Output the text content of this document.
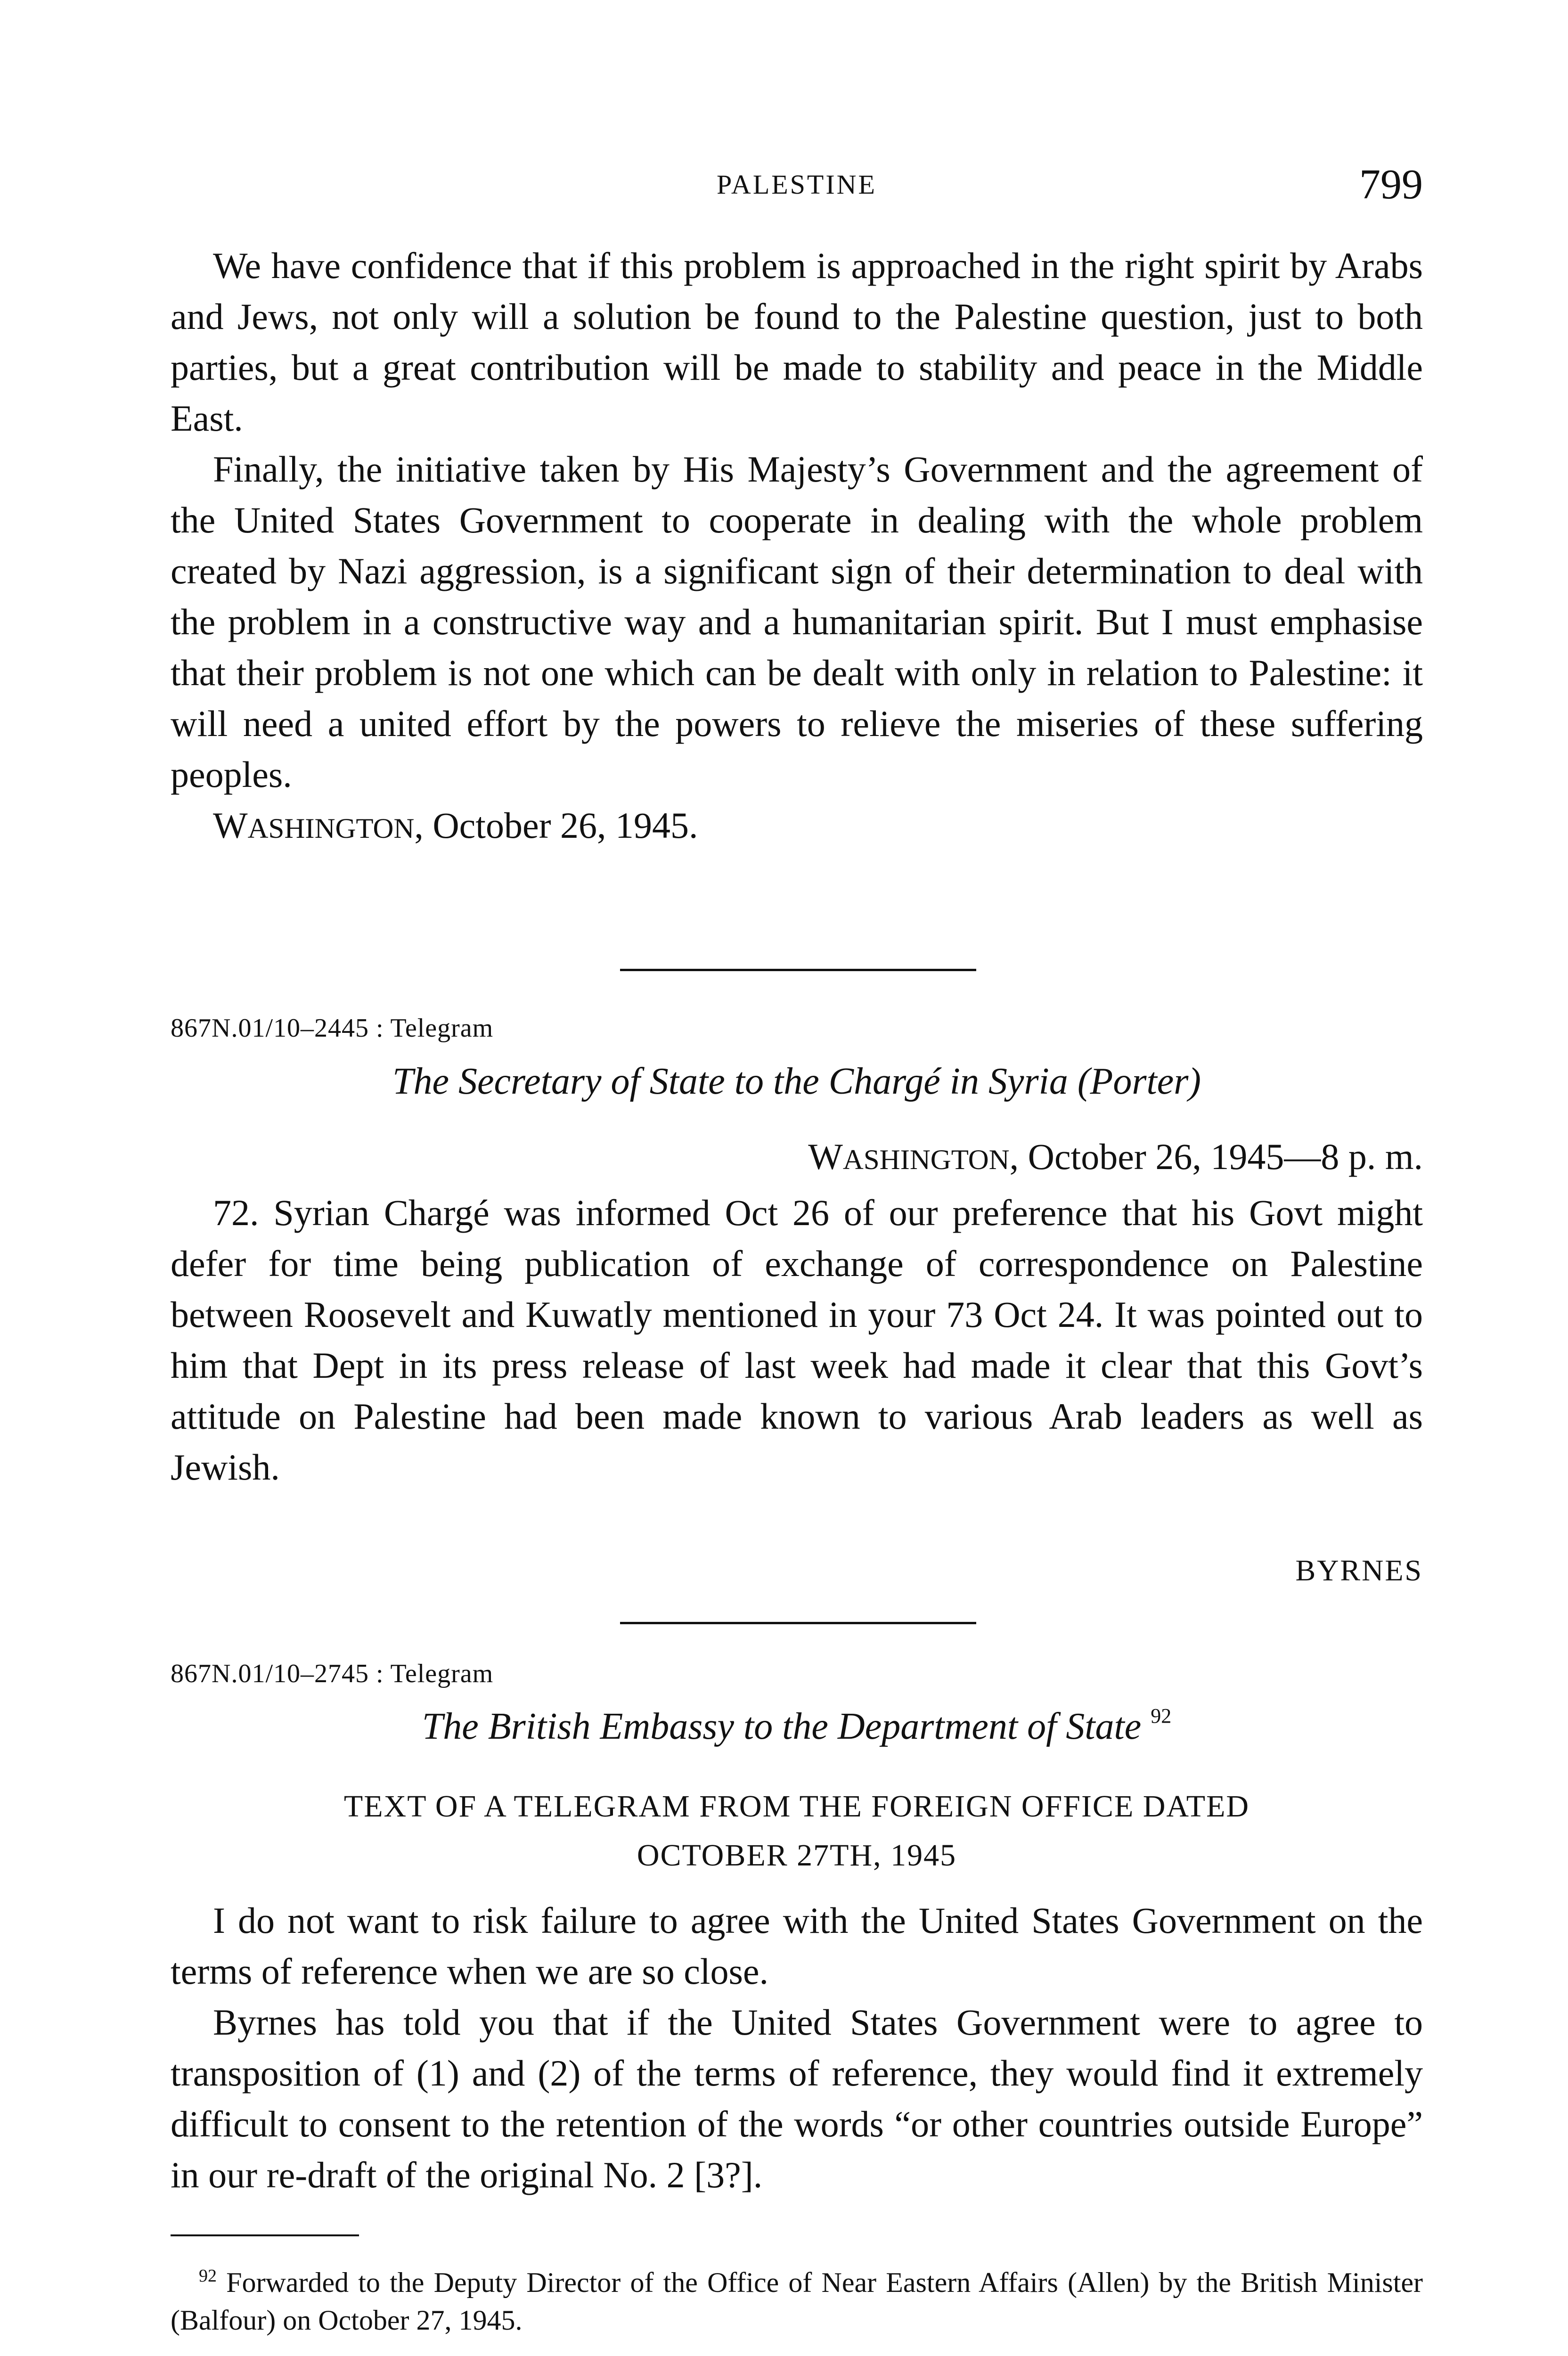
PALESTINE	799

We have confidence that if this problem is approached in the right spirit by Arabs and Jews, not only will a solution be found to the Palestine question, just to both parties, but a great contribution will be made to stability and peace in the Middle East.

Finally, the initiative taken by His Majesty’s Government and the agreement of the United States Government to cooperate in dealing with the whole problem created by Nazi aggression, is a significant sign of their determination to deal with the problem in a constructive way and a humanitarian spirit. But I must emphasise that their problem is not one which can be dealt with only in relation to Palestine: it will need a united effort by the powers to relieve the miseries of these suffering peoples.

WASHINGTON, October 26, 1945.

867N.01/10–2445 : Telegram
The Secretary of State to the Chargé in Syria (Porter)
WASHINGTON, October 26, 1945—8 p. m.

72. Syrian Chargé was informed Oct 26 of our preference that his Govt might defer for time being publication of exchange of correspondence on Palestine between Roosevelt and Kuwatly mentioned in your 73 Oct 24. It was pointed out to him that Dept in its press release of last week had made it clear that this Govt’s attitude on Palestine had been made known to various Arab leaders as well as Jewish.

BYRNES
867N.01/10–2745 : Telegram
The British Embassy to the Department of State $^{92}$
TEXT OF A TELEGRAM FROM THE FOREIGN OFFICE DATED
OCTOBER 27TH, 1945

I do not want to risk failure to agree with the United States Government on the terms of reference when we are so close.

Byrnes has told you that if the United States Government were to agree to transposition of (1) and (2) of the terms of reference, they would find it extremely difficult to consent to the retention of the words “or other countries outside Europe” in our re-draft of the original No. 2 [3?].

$^{92}$ Forwarded to the Deputy Director of the Office of Near Eastern Affairs (Allen) by the British Minister (Balfour) on October 27, 1945.
